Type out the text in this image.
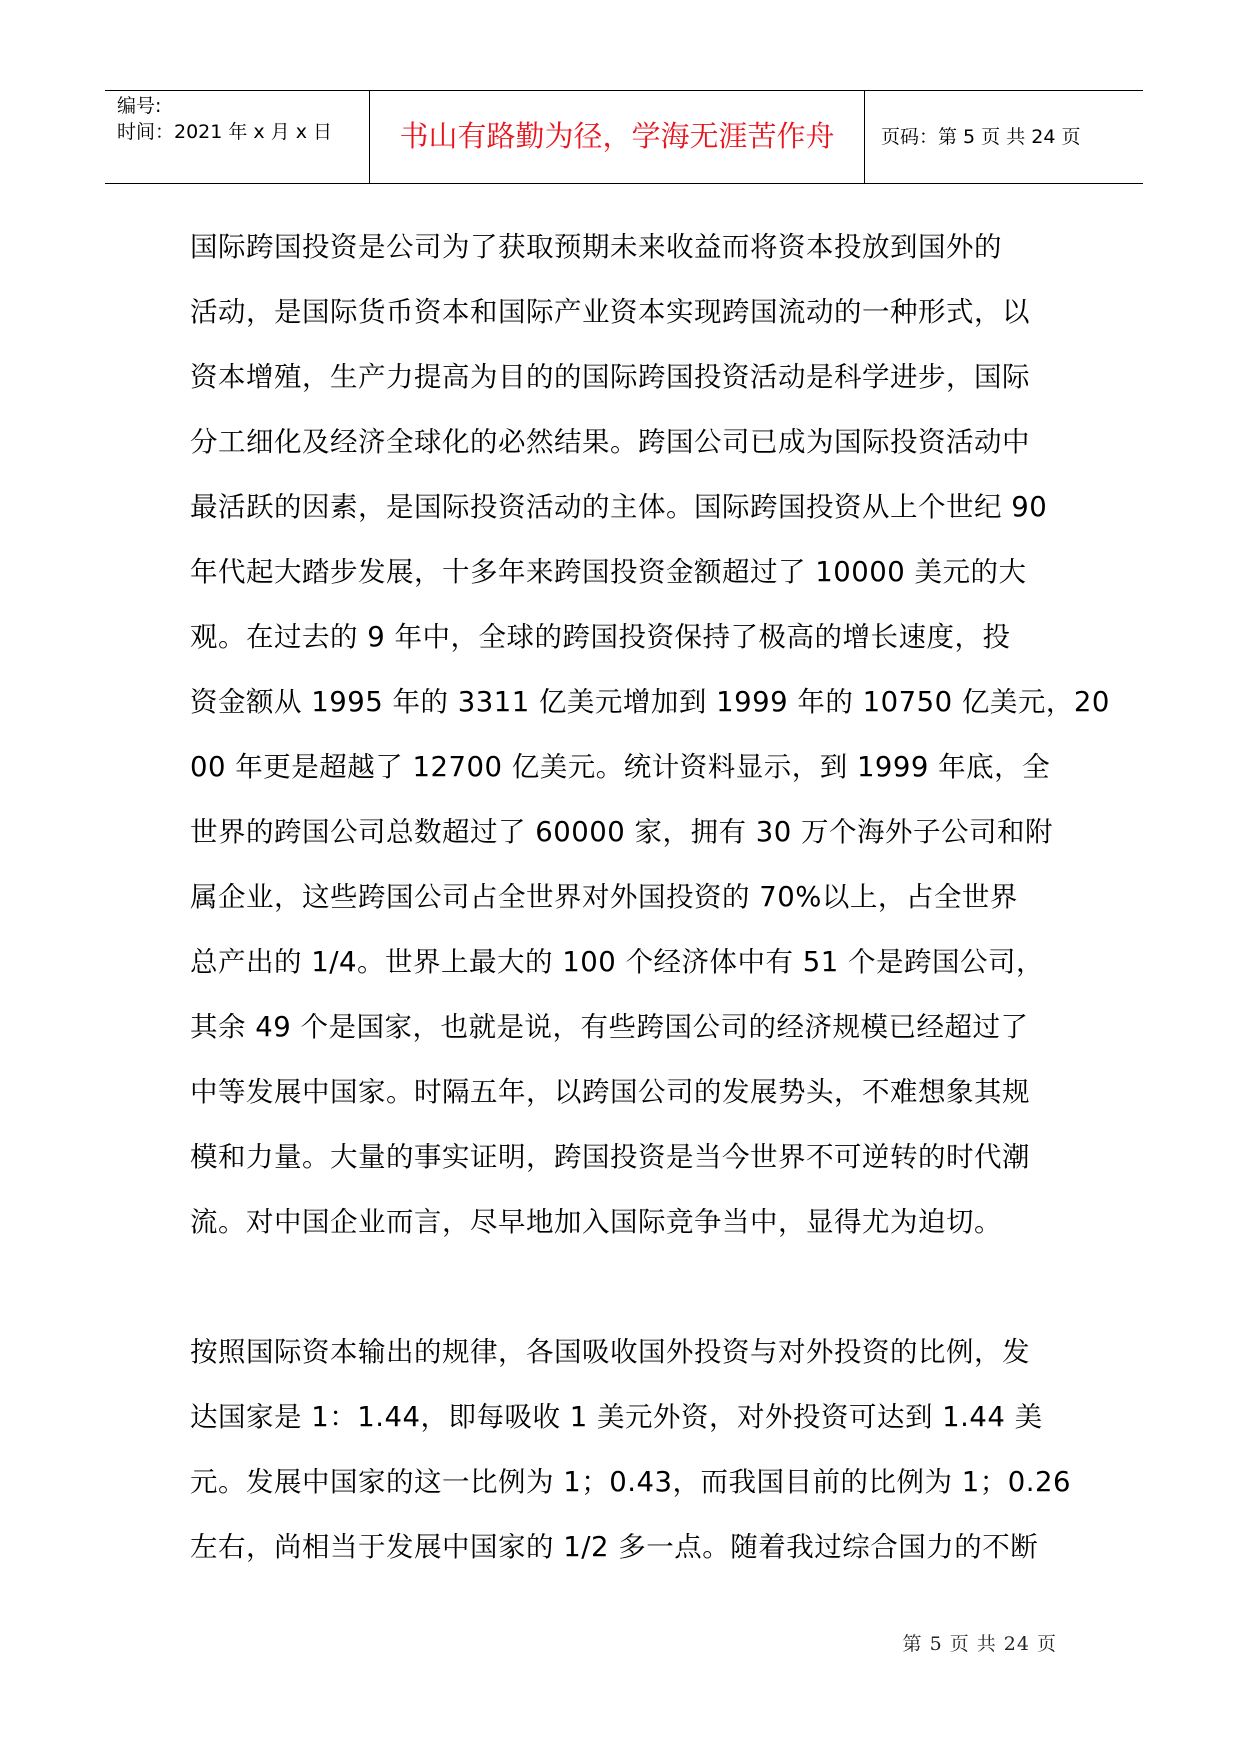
编号:
时间：2021 年 x 月 x 日	书山有路勤为径，学海无涯苦作舟	页码：第 5 页 共 24 页
国际跨国投资是公司为了获取预期未来收益而将资本投放到国外的
活动，是国际货币资本和国际产业资本实现跨国流动的一种形式，以
资本增殖，生产力提高为目的的国际跨国投资活动是科学进步，国际
分工细化及经济全球化的必然结果。跨国公司已成为国际投资活动中
最活跃的因素，是国际投资活动的主体。国际跨国投资从上个世纪 90
年代起大踏步发展，十多年来跨国投资金额超过了 10000 美元的大
观。在过去的 9 年中，全球的跨国投资保持了极高的增长速度，投
资金额从 1995 年的 3311 亿美元增加到 1999 年的 10750 亿美元，20
00 年更是超越了 12700 亿美元。统计资料显示，到 1999 年底，全
世界的跨国公司总数超过了 60000 家，拥有 30 万个海外子公司和附
属企业，这些跨国公司占全世界对外国投资的 70%以上，占全世界
总产出的 1/4。世界上最大的 100 个经济体中有 51 个是跨国公司，
其余 49 个是国家，也就是说，有些跨国公司的经济规模已经超过了
中等发展中国家。时隔五年，以跨国公司的发展势头，不难想象其规
模和力量。大量的事实证明，跨国投资是当今世界不可逆转的时代潮
流。对中国企业而言，尽早地加入国际竞争当中，显得尤为迫切。
按照国际资本输出的规律，各国吸收国外投资与对外投资的比例，发
达国家是 1：1.44，即每吸收 1 美元外资，对外投资可达到 1.44 美
元。发展中国家的这一比例为 1；0.43，而我国目前的比例为 1；0.26
左右，尚相当于发展中国家的 1/2 多一点。随着我过综合国力的不断
第 5 页 共 24 页
